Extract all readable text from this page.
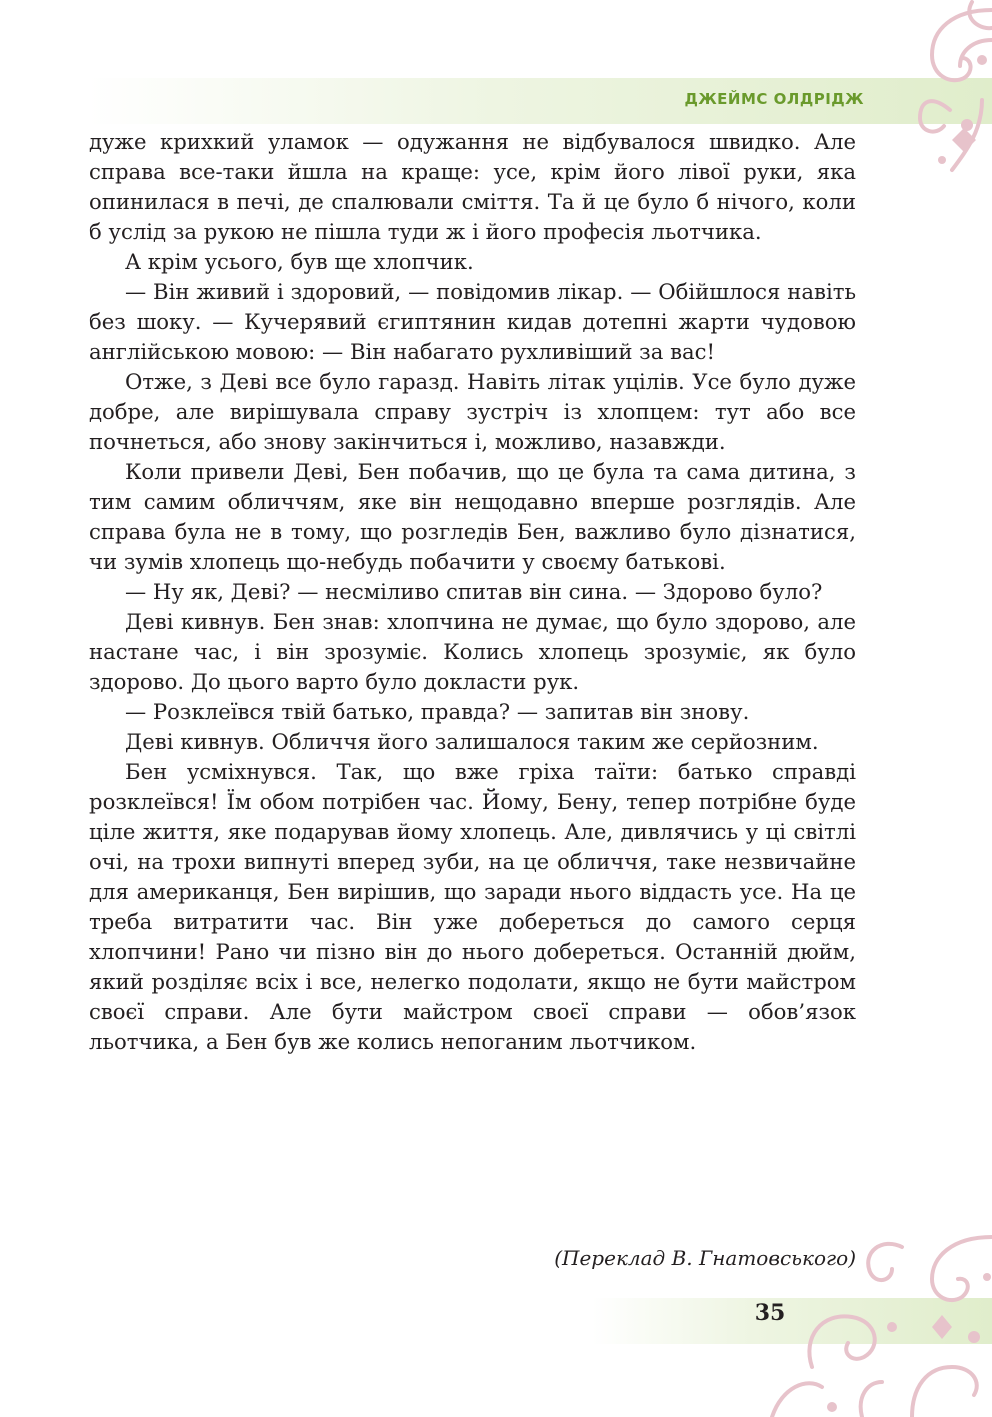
ДЖЕЙМС ОЛДРІДЖ

дуже крихкий уламок — одужання не відбувалося швидко. Але справа все-таки йшла на краще: усе, крім його лівої руки, яка опинилася в печі, де спалювали сміття. Та й це було б нічого, коли б услід за рукою не пішла туди ж і його професія льотчика.

А крім усього, був ще хлопчик.

— Він живий і здоровий, — повідомив лікар. — Обійшлося навіть без шоку. — Кучерявий єгиптянин кидав дотепні жарти чудовою англійською мовою: — Він набагато рухливіший за вас!

Отже, з Деві все було гаразд. Навіть літак уцілів. Усе було дуже добре, але вирішувала справу зустріч із хлопцем: тут або все почнеться, або знову закінчиться і, можливо, назавжди.

Коли привели Деві, Бен побачив, що це була та сама дитина, з тим самим обличчям, яке він нещодавно вперше розглядів. Але справа була не в тому, що розгледів Бен, важливо було дізнатися, чи зумів хлопець що-небудь побачити у своєму батькові.

— Ну як, Деві? — несміливо спитав він сина. — Здорово було?

Деві кивнув. Бен знав: хлопчина не думає, що було здорово, але настане час, і він зрозуміє. Колись хлопець зрозуміє, як було здорово. До цього варто було докласти рук.

— Розклеївся твій батько, правда? — запитав він знову.

Деві кивнув. Обличчя його залишалося таким же серйозним.

Бен усміхнувся. Так, що вже гріха таїти: батько справді розклеївся! Їм обом потрібен час. Йому, Бену, тепер потрібне буде ціле життя, яке подарував йому хлопець. Але, дивлячись у ці світлі очі, на трохи випнуті вперед зуби, на це обличчя, таке незвичайне для американця, Бен вирішив, що заради нього віддасть усе. На це треба витратити час. Він уже добереться до самого серця хлопчини! Рано чи пізно він до нього добереться. Останній дюйм, який розділяє всіх і все, нелегко подолати, якщо не бути майстром своєї справи. Але бути майстром своєї справи — обов’язок льотчика, а Бен був же колись непоганим льотчиком.

(Переклад В. Гнатовського)
35
